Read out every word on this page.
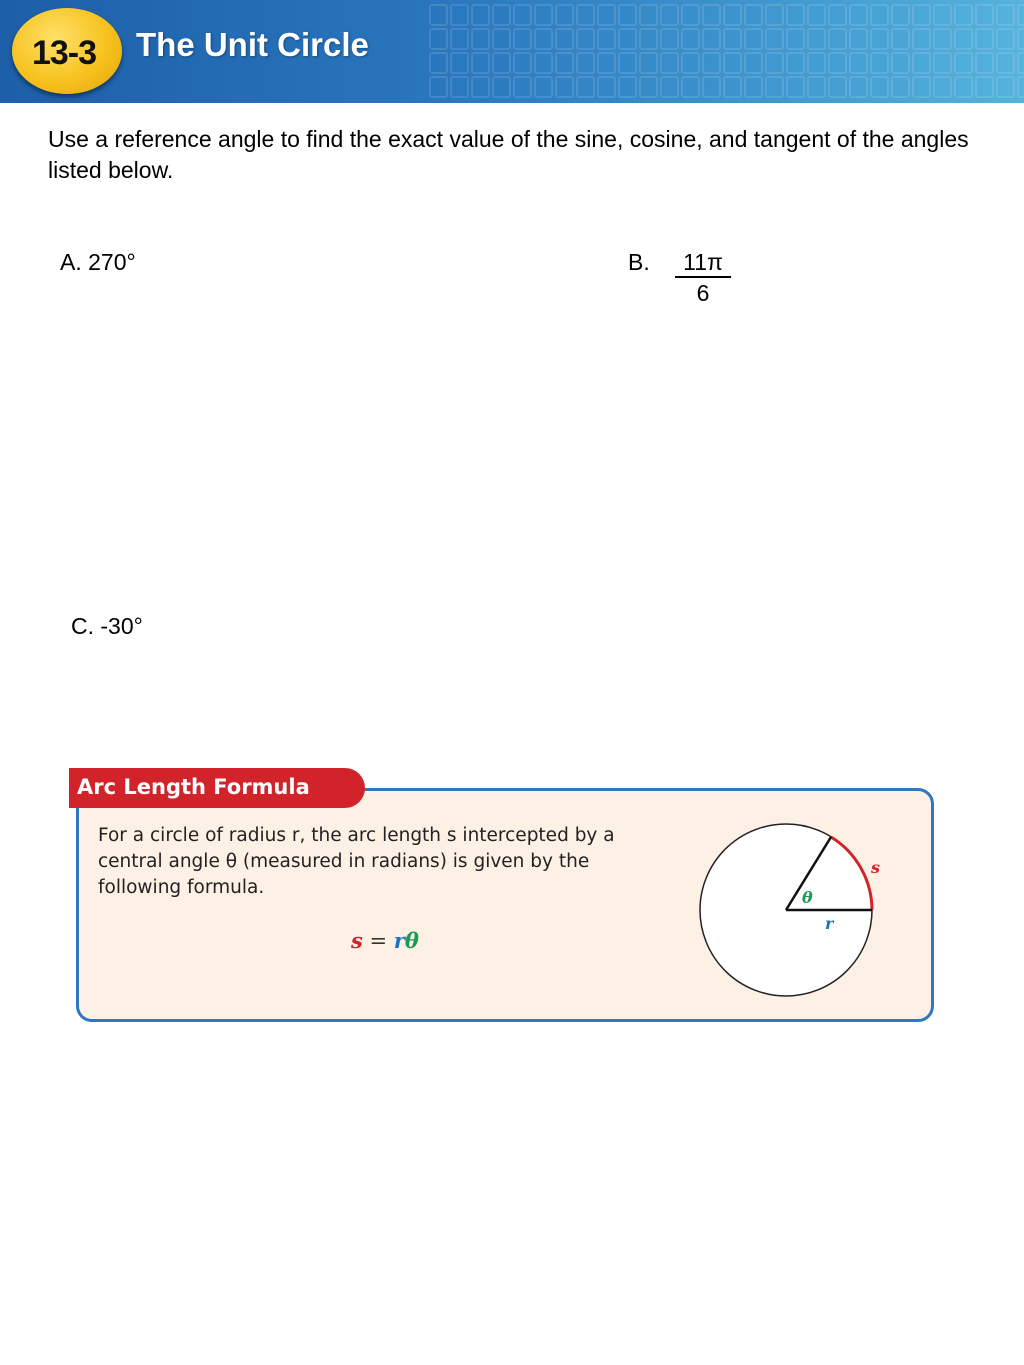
13-3	The Unit Circle
Use a reference angle to find the exact value of the sine, cosine, and tangent of the angles listed below.
A. 270°	B. $\frac{11\pi}{6}$
C. -30°
Arc Length Formula
For a circle of radius r, the arc length s intercepted by a central angle θ (measured in radians) is given by the following formula.
s = rθ
s
θ
r
